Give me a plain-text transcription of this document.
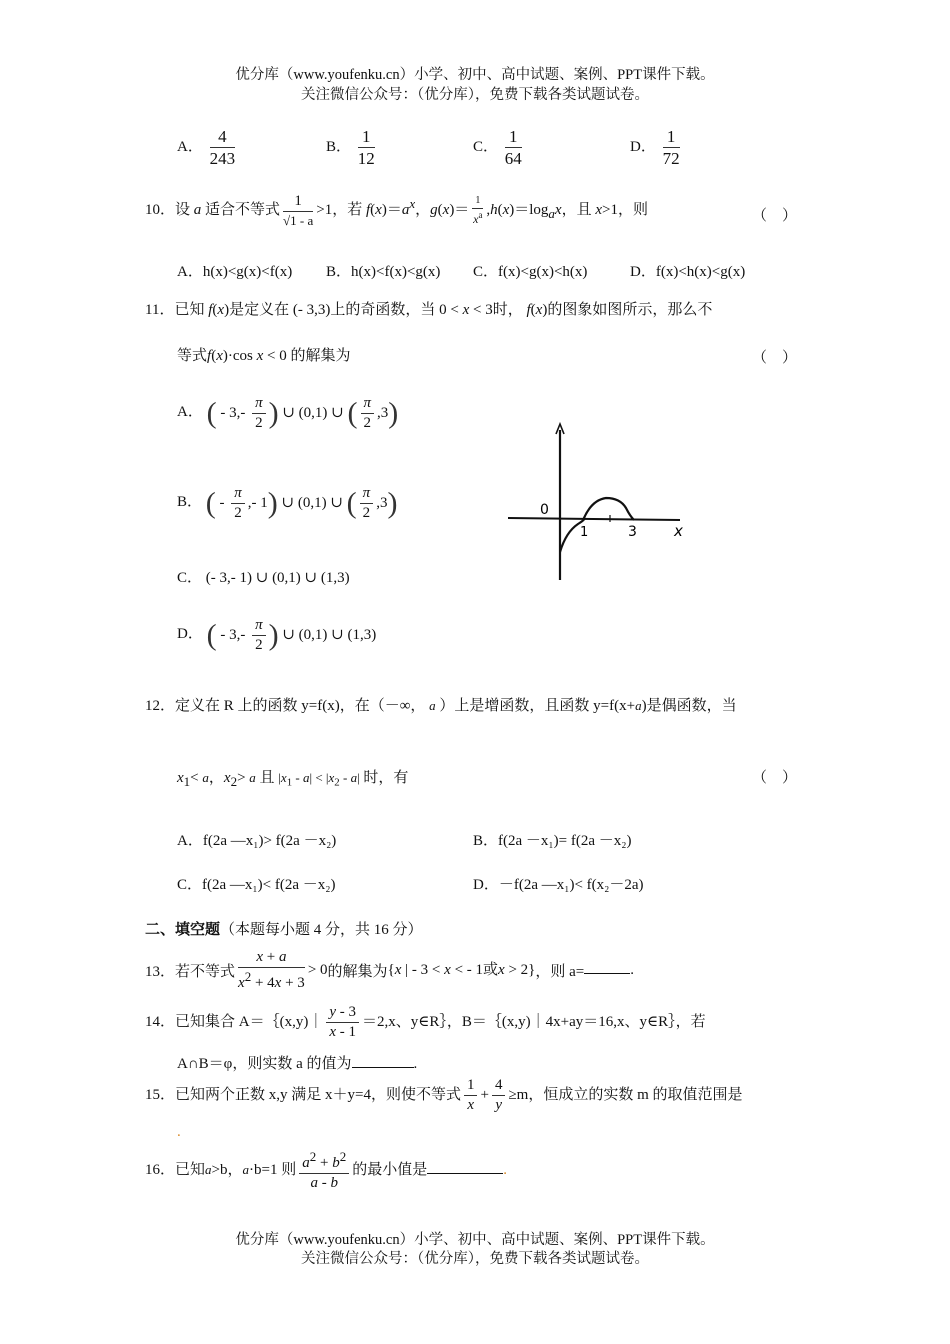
优分库（www.youfenku.cn）小学、初中、高中试题、案例、PPT课件下载。
关注微信公众号：（优分库），免费下载各类试题试卷。
A． $\frac{4}{243}$	B． $\frac{1}{12}$	C． $\frac{1}{64}$	D． $\frac{1}{72}$
10．设 a 适合不等式 $\frac{1}{√1 - a} >1$，若 $f(x)=a^x$，$g(x)= \frac{1}{x^a} ,h(x)=\log_ax$，且 x>1，则	（　）
A．h(x)<g(x)<f(x) B．h(x)<f(x)<g(x) C．f(x)<g(x)<h(x)	D．f(x)<h(x)<g(x)
11．已知 f(x)是定义在 (- 3,3)上的奇函数，当 0 < x < 3时， f(x)的图象如图所示，那么不
等式f(x)·cos x < 0 的解集为	（　）
A． ( - $3,- \frac{\pi}{2}$ ) ∪ (0,1) ∪ ( $\frac{\pi}{2} ,3$)
B． ( - $\frac{\pi}{2}$ ,- 1) ∪ (0,1) ∪ ( $\frac{\pi}{2} ,3$)
C． (- 3,- 1) ∪ (0,1) ∪ (1,3)
D． ( - $3,- \frac{\pi}{2}$ ) ∪ (0,1) ∪ (1,3)
0
1	3 x
12．定义在 R 上的函数 y=f(x)，在（－∞， a ）上是增函数，且函数 y=f(x+a)是偶函数，当
$x_1< a$，$x_2> a$ 且 $|x_1 - a| < |x_2 - a|$ 时，有	（　）
A．f(2a —x₁)> f(2a －x₂)	B．f(2a －x₁)= f(2a －x₂)
C．f(2a —x₁)< f(2a －x₂)	D．－f(2a —x₁)< f(x₂－2a)
二、填空题（本题每小题 4 分，共 16 分）
13．若不等式 $\frac{x + a}{x^2 + 4x + 3} > 0$的解集为{x | - 3 < x < - 1或x > 2}，则 a=	.
14．已知集合 A＝｛(x,y)｜ $\frac{y - 3}{x - 1} =2,x$、y∈R｝，B＝｛(x,y)｜4x+ay＝16,x、y∈R｝，若
A∩B＝φ，则实数 a 的值为	.
15．已知两个正数 x,y 满足 x＋y=4，则使不等式 $\frac{1}{x} + \frac{4}{y} \ge m$，恒成立的实数 m 的取值范围是
.
16．已知a>b，a·b=1 则 $\frac{a^2 + b^2}{a - b}$ 的最小值是	.
优分库（www.youfenku.cn）小学、初中、高中试题、案例、PPT课件下载。
关注微信公众号：（优分库），免费下载各类试题试卷。
